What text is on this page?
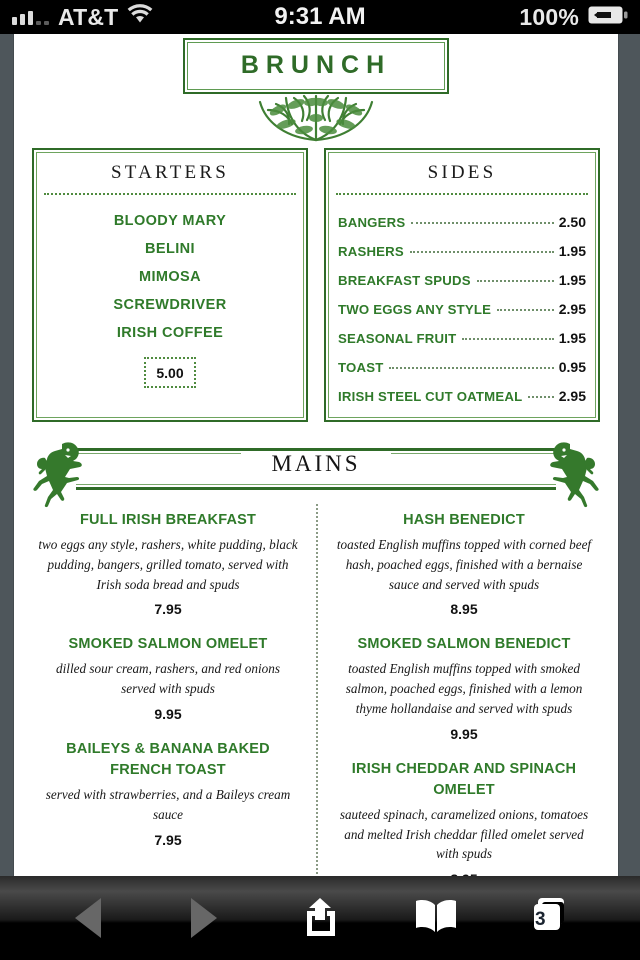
AT&T	9:31 AM	100%
BRUNCH
STARTERS
BLOODY MARY
BELINI
MIMOSA
SCREWDRIVER
IRISH COFFEE
5.00
SIDES
BANGERS	2.50
RASHERS	1.95
BREAKFAST SPUDS	1.95
TWO EGGS ANY STYLE	2.95
SEASONAL FRUIT	1.95
TOAST	0.95
IRISH STEEL CUT OATMEAL	2.95
MAINS
FULL IRISH BREAKFAST
two eggs any style, rashers, white pudding, black pudding, bangers, grilled tomato, served with Irish soda bread and spuds
7.95
SMOKED SALMON OMELET
dilled sour cream, rashers, and red onions served with spuds
9.95
BAILEYS & BANANA BAKED FRENCH TOAST
served with strawberries, and a Baileys cream sauce
7.95
HASH BENEDICT
toasted English muffins topped with corned beef hash, poached eggs, finished with a bernaise sauce and served with spuds
8.95
SMOKED SALMON BENEDICT
toasted English muffins topped with smoked salmon, poached eggs, finished with a lemon thyme hollandaise and served with spuds
9.95
IRISH CHEDDAR AND SPINACH OMELET
sauteed spinach, caramelized onions, tomatoes and melted Irish cheddar filled omelet served with spuds
3
